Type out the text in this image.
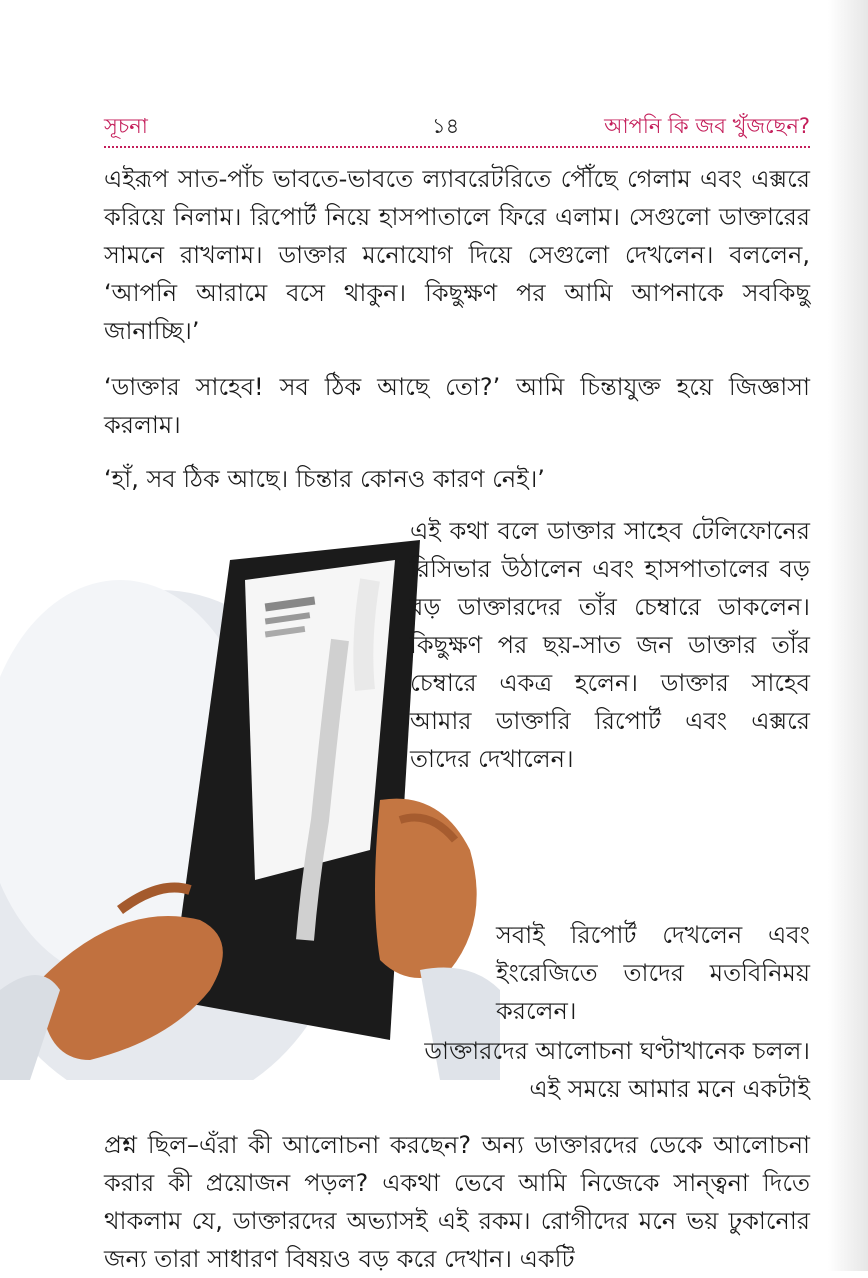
সূচনা	১৪	আপনি কি জব খুঁজছেন?

এইরূপ সাত-পাঁচ ভাবতে-ভাবতে ল্যাবরেটরিতে পৌঁছে গেলাম এবং এক্সরে করিয়ে নিলাম। রিপোর্ট নিয়ে হাসপাতালে ফিরে এলাম। সেগুলো ডাক্তারের সামনে রাখলাম। ডাক্তার মনোযোগ দিয়ে সেগুলো দেখলেন। বললেন, ‘আপনি আরামে বসে থাকুন। কিছুক্ষণ পর আমি আপনাকে সবকিছু জানাচ্ছি।’

‘ডাক্তার সাহেব! সব ঠিক আছে তো?’ আমি চিন্তাযুক্ত হয়ে জিজ্ঞাসা করলাম।

‘হাঁ, সব ঠিক আছে। চিন্তার কোনও কারণ নেই।’

এই কথা বলে ডাক্তার সাহেব টেলিফোনের রিসিভার উঠালেন এবং হাসপাতালের বড় বড় ডাক্তারদের তাঁর চেম্বারে ডাকলেন। কিছুক্ষণ পর ছয়-সাত জন ডাক্তার তাঁর চেম্বারে একত্র হলেন। ডাক্তার সাহেব আমার ডাক্তারি রিপোর্ট এবং এক্সরে তাদের দেখালেন।

সবাই রিপোর্ট দেখলেন এবং ইংরেজিতে তাদের মতবিনিময় করলেন।

ডাক্তারদের আলোচনা ঘণ্টাখানেক চলল। এই সময়ে আমার মনে একটাই

প্রশ্ন ছিল–এঁরা কী আলোচনা করছেন? অন্য ডাক্তারদের ডেকে আলোচনা করার কী প্রয়োজন পড়ল? একথা ভেবে আমি নিজেকে সান্ত্বনা দিতে থাকলাম যে, ডাক্তারদের অভ্যাসই এই রকম। রোগীদের মনে ভয় ঢুকানোর জন্য তারা সাধারণ বিষয়ও বড় করে দেখান। একটি
